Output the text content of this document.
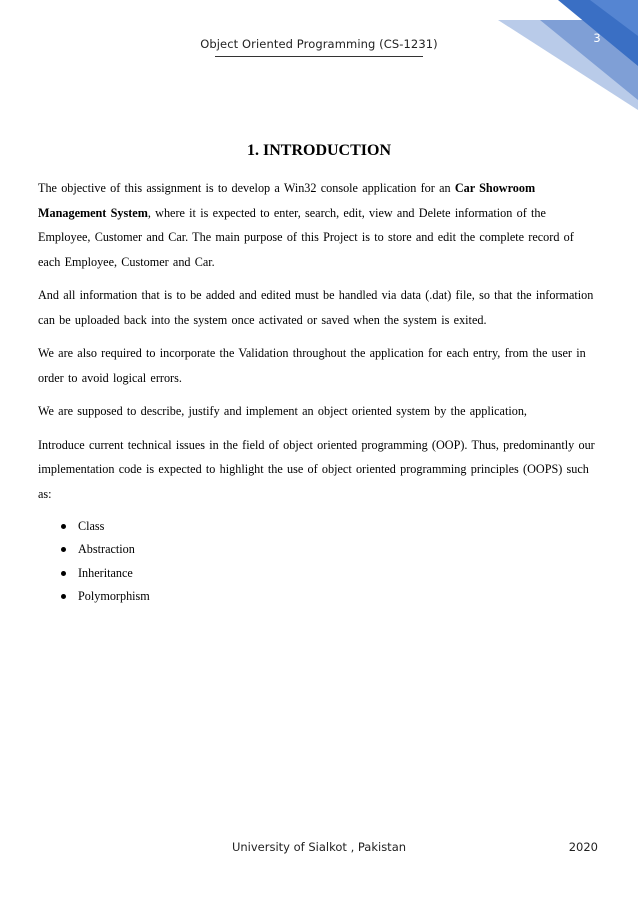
3
Object Oriented Programming (CS-1231)
1. INTRODUCTION

The objective of this assignment is to develop a Win32 console application for an Car Showroom Management System, where it is expected to enter, search, edit, view and Delete information of the Employee, Customer and Car. The main purpose of this Project is to store and edit the complete record of each Employee, Customer and Car.

And all information that is to be added and edited must be handled via data (.dat) file, so that the information can be uploaded back into the system once activated or saved when the system is exited.

We are also required to incorporate the Validation throughout the application for each entry, from the user in order to avoid logical errors.

We are supposed to describe, justify and implement an object oriented system by the application,

Introduce current technical issues in the field of object oriented programming (OOP). Thus, predominantly our implementation code is expected to highlight the use of object oriented programming principles (OOPS) such as:

Class
Abstraction
Inheritance
Polymorphism
University of Sialkot , Pakistan	2020
